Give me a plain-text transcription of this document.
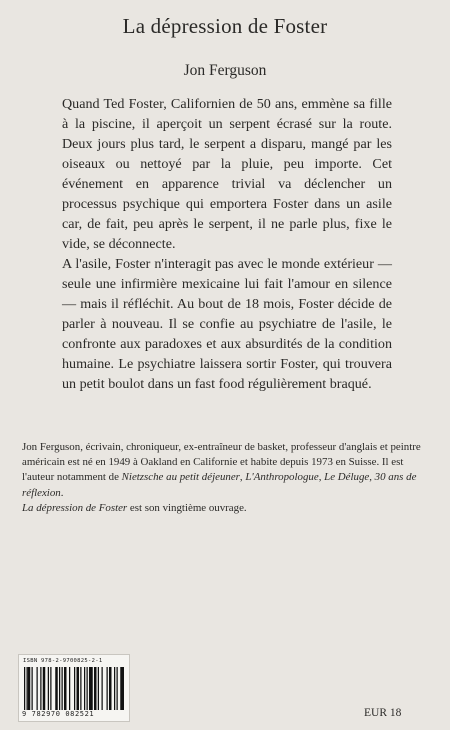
La dépression de Foster
Jon Ferguson

Quand Ted Foster, Californien de 50 ans, emmène sa fille à la piscine, il aperçoit un serpent écrasé sur la route. Deux jours plus tard, le serpent a disparu, mangé par les oiseaux ou nettoyé par la pluie, peu importe. Cet événement en apparence trivial va déclencher un processus psychique qui emportera Foster dans un asile car, de fait, peu après le serpent, il ne parle plus, fixe le vide, se déconnecte.

A l'asile, Foster n'interagit pas avec le monde extérieur — seule une infirmière mexicaine lui fait l'amour en silence — mais il réfléchit. Au bout de 18 mois, Foster décide de parler à nouveau. Il se confie au psychiatre de l'asile, le confronte aux paradoxes et aux absurdités de la condition humaine. Le psychiatre laissera sortir Foster, qui trouvera un petit boulot dans un fast food régulièrement braqué.

Jon Ferguson, écrivain, chroniqueur, ex-entraîneur de basket, professeur d'anglais et peintre américain est né en 1949 à Oakland en Californie et habite depuis 1973 en Suisse. Il est l'auteur notamment de Nietzsche au petit déjeuner, L'Anthropologue, Le Déluge, 30 ans de réflexion.

La dépression de Foster est son vingtième ouvrage.

ISBN 978-2-9700825-2-1
9 782970 082521	EUR 18
